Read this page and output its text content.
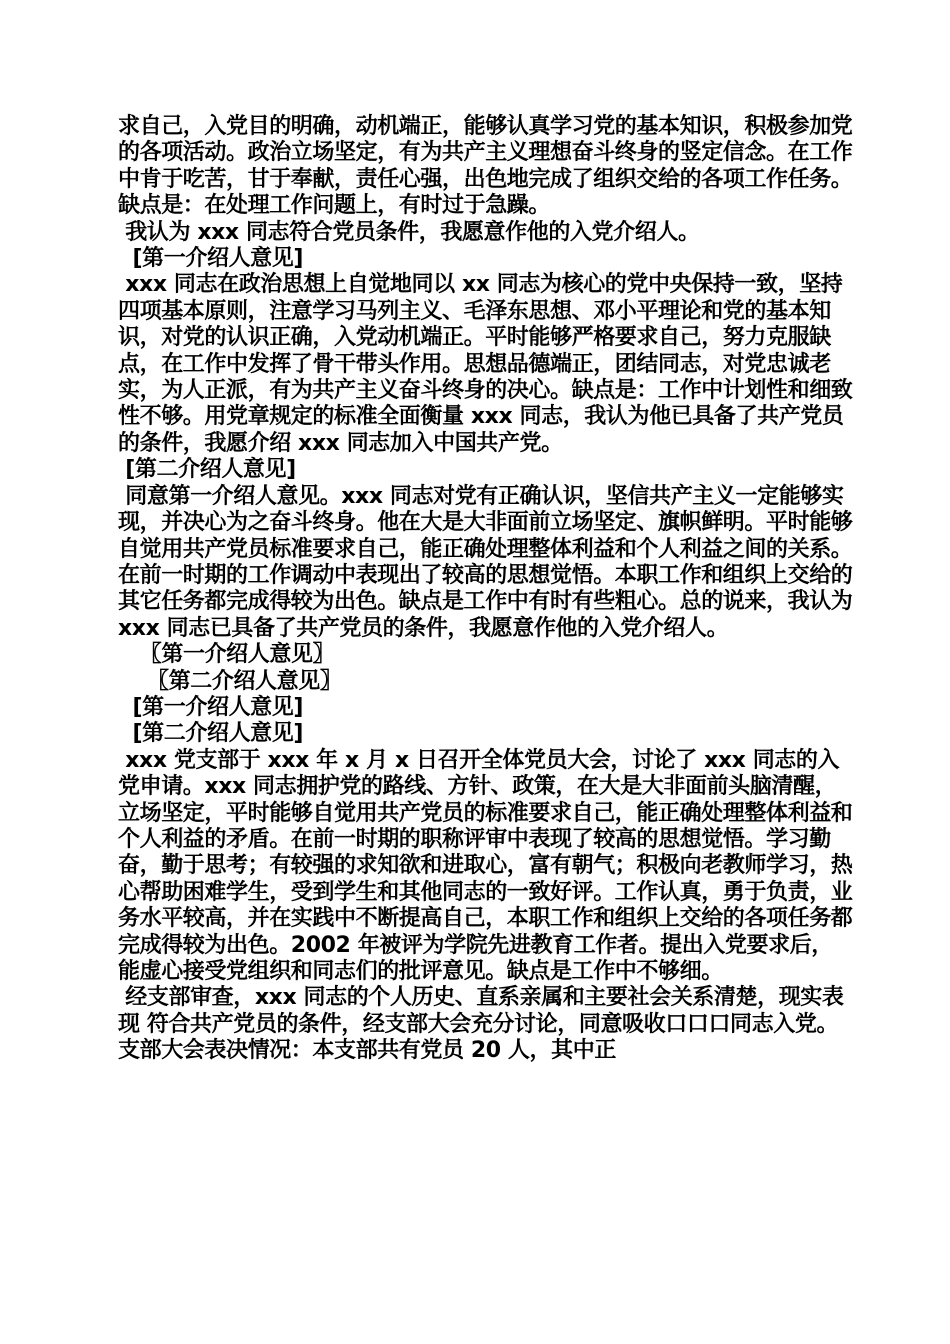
求自己，入党目的明确，动机端正，能够认真学习党的基本知识，积极参加党的各项活动。政治立场坚定，有为共产主义理想奋斗终身的竖定信念。在工作中肯于吃苦，甘于奉献，责任心强，出色地完成了组织交给的各项工作任务。缺点是：在处理工作问题上，有时过于急躁。

我认为 xxx 同志符合党员条件，我愿意作他的入党介绍人。

[第一介绍人意见]

xxx 同志在政治思想上自觉地同以 xx 同志为核心的党中央保持一致，坚持四项基本原则，注意学习马列主义、毛泽东思想、邓小平理论和党的基本知识，对党的认识正确，入党动机端正。平时能够严格要求自己，努力克服缺点，在工作中发挥了骨干带头作用。思想品德端正，团结同志，对党忠诚老实，为人正派，有为共产主义奋斗终身的决心。缺点是：工作中计划性和细致性不够。用党章规定的标准全面衡量 xxx 同志，我认为他已具备了共产党员的条件，我愿介绍 xxx 同志加入中国共产党。

[第二介绍人意见]

同意第一介绍人意见。xxx 同志对党有正确认识，坚信共产主义一定能够实现，并决心为之奋斗终身。他在大是大非面前立场坚定、旗帜鲜明。平时能够自觉用共产党员标准要求自己，能正确处理整体利益和个人利益之间的关系。在前一时期的工作调动中表现出了较高的思想觉悟。本职工作和组织上交给的其它任务都完成得较为出色。缺点是工作中有时有些粗心。总的说来，我认为 xxx 同志已具备了共产党员的条件，我愿意作他的入党介绍人。

〖第一介绍人意见〗

〖第二介绍人意见〗

[第一介绍人意见]

[第二介绍人意见]

xxx 党支部于 xxx 年 x 月 x 日召开全体党员大会，讨论了 xxx 同志的入党申请。xxx 同志拥护党的路线、方针、政策，在大是大非面前头脑清醒，立场坚定，平时能够自觉用共产党员的标准要求自己，能正确处理整体利益和个人利益的矛盾。在前一时期的职称评审中表现了较高的思想觉悟。学习勤奋，勤于思考；有较强的求知欲和进取心，富有朝气；积极向老教师学习，热心帮助困难学生，受到学生和其他同志的一致好评。工作认真，勇于负责，业务水平较高，并在实践中不断提高自己，本职工作和组织上交给的各项任务都完成得较为出色。2002 年被评为学院先进教育工作者。提出入党要求后，能虚心接受党组织和同志们的批评意见。缺点是工作中不够细。

经支部审查，xxx 同志的个人历史、直系亲属和主要社会关系清楚，现实表现 符合共产党员的条件，经支部大会充分讨论，同意吸收口口口同志入党。支部大会表决情况：本支部共有党员 20 人，其中正
